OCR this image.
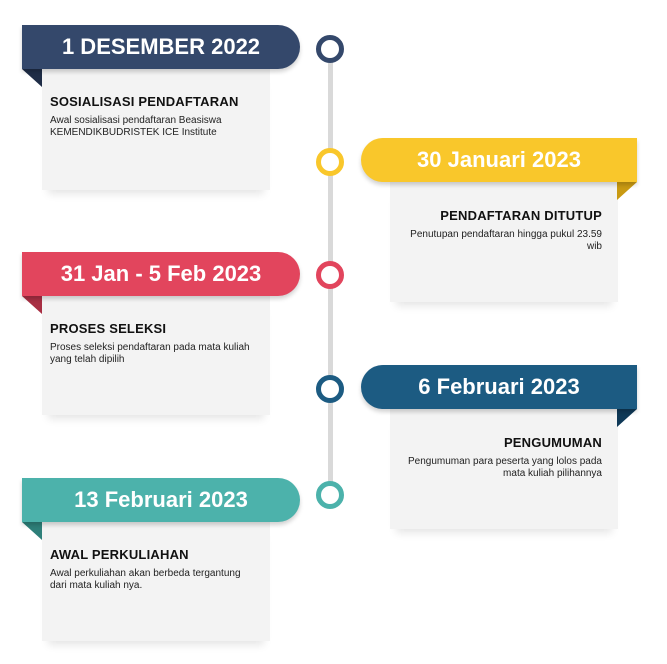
SOSIALISASI PENDAFTARAN

Awal sosialisasi pendaftaran Beasiswa KEMENDIKBUDRISTEK ICE Institute

1 DESEMBER 2022
PENDAFTARAN DITUTUP

Penutupan pendaftaran hingga pukul 23.59 wib

30 Januari 2023
PROSES SELEKSI

Proses seleksi pendaftaran pada mata kuliah yang telah dipilih

31 Jan - 5 Feb 2023
PENGUMUMAN

Pengumuman para peserta yang lolos pada mata kuliah pilihannya

6 Februari 2023
AWAL PERKULIAHAN

Awal perkuliahan akan berbeda tergantung dari mata kuliah nya.

13 Februari 2023
